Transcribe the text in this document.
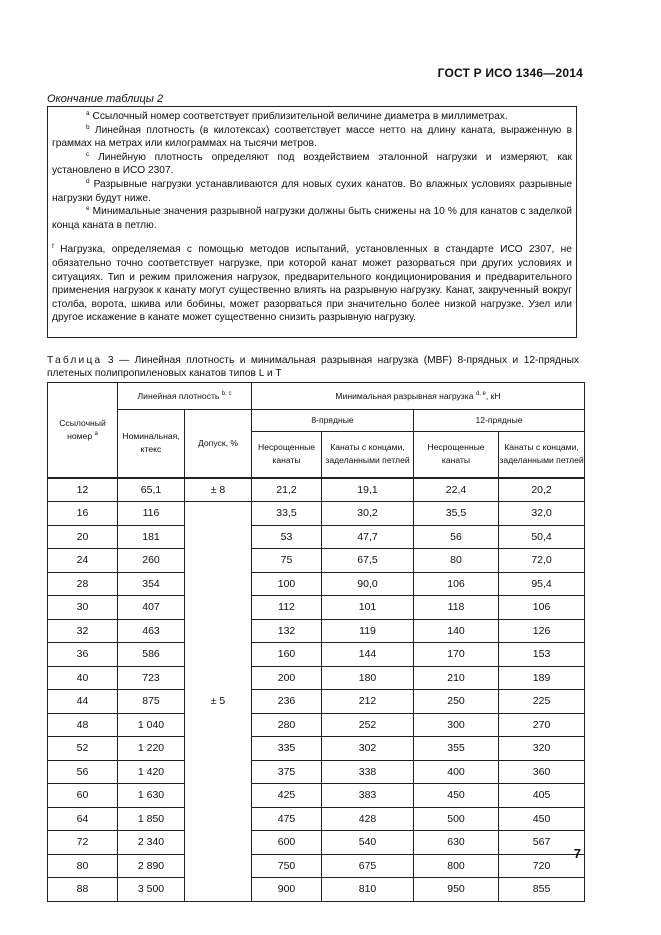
ГОСТ Р ИСО 1346—2014
Окончание таблицы 2

$^a$ Ссылочный номер соответствует приблизительной величине диаметра в миллиметрах.

$^b$ Линейная плотность (в килотексах) соответствует массе нетто на длину каната, выраженную в граммах на метрах или килограммах на тысячи метров.

$^c$ Линейную плотность определяют под воздействием эталонной нагрузки и измеряют, как установлено в ИСО 2307.

$^d$ Разрывные нагрузки устанавливаются для новых сухих канатов. Во влажных условиях разрывные нагрузки будут ниже.

$^e$ Минимальные значения разрывной нагрузки должны быть снижены на 10 % для канатов с заделкой конца каната в петлю.

$^f$ Нагрузка, определяемая с помощью методов испытаний, установленных в стандарте ИСО 2307, не обязательно точно соответствует нагрузке, при которой канат может разорваться при других условиях и ситуациях. Тип и режим приложения нагрузок, предварительного кондиционирования и предварительного применения нагрузок к канату могут существенно влиять на разрывную нагрузку. Канат, закрученный вокруг столба, ворота, шкива или бобины, может разорваться при значительно более низкой нагрузке. Узел или другое искажение в канате может существенно снизить разрывную нагрузку.

Таблица 3 — Линейная плотность и минимальная разрывная нагрузка (MBF) 8-прядных и 12-прядных плетеных полипропиленовых канатов типов L и T
Ссылочный номер $^a$	Линейная плотность $^{b, c}$		Минимальная разрывная нагрузка $^{d, e}$, кН			
	Номинальная, ктекс	Допуск, %	8-прядные		12-прядные	
			Несрощенные канаты	Канаты с концами, заделанными петлей	Несрощенные канаты	Канаты с концами, заделанными петлей
12	65,1	± 8	21,2	19,1	22,4	20,2
16	116	± 5	33,5	30,2	35,5	32,0
20	181		53	47,7	56	50,4
24	260		75	67,5	80	72,0
28	354		100	90,0	106	95,4
30	407		112	101	118	106
32	463		132	119	140	126
36	586		160	144	170	153
40	723		200	180	210	189
44	875		236	212	250	225
48	1 040		280	252	300	270
52	1 220		335	302	355	320
56	1 420		375	338	400	360
60	1 630		425	383	450	405
64	1 850		475	428	500	450
72	2 340		600	540	630	567
80	2 890		750	675	800	720
88	3 500		900	810	950	855
7
